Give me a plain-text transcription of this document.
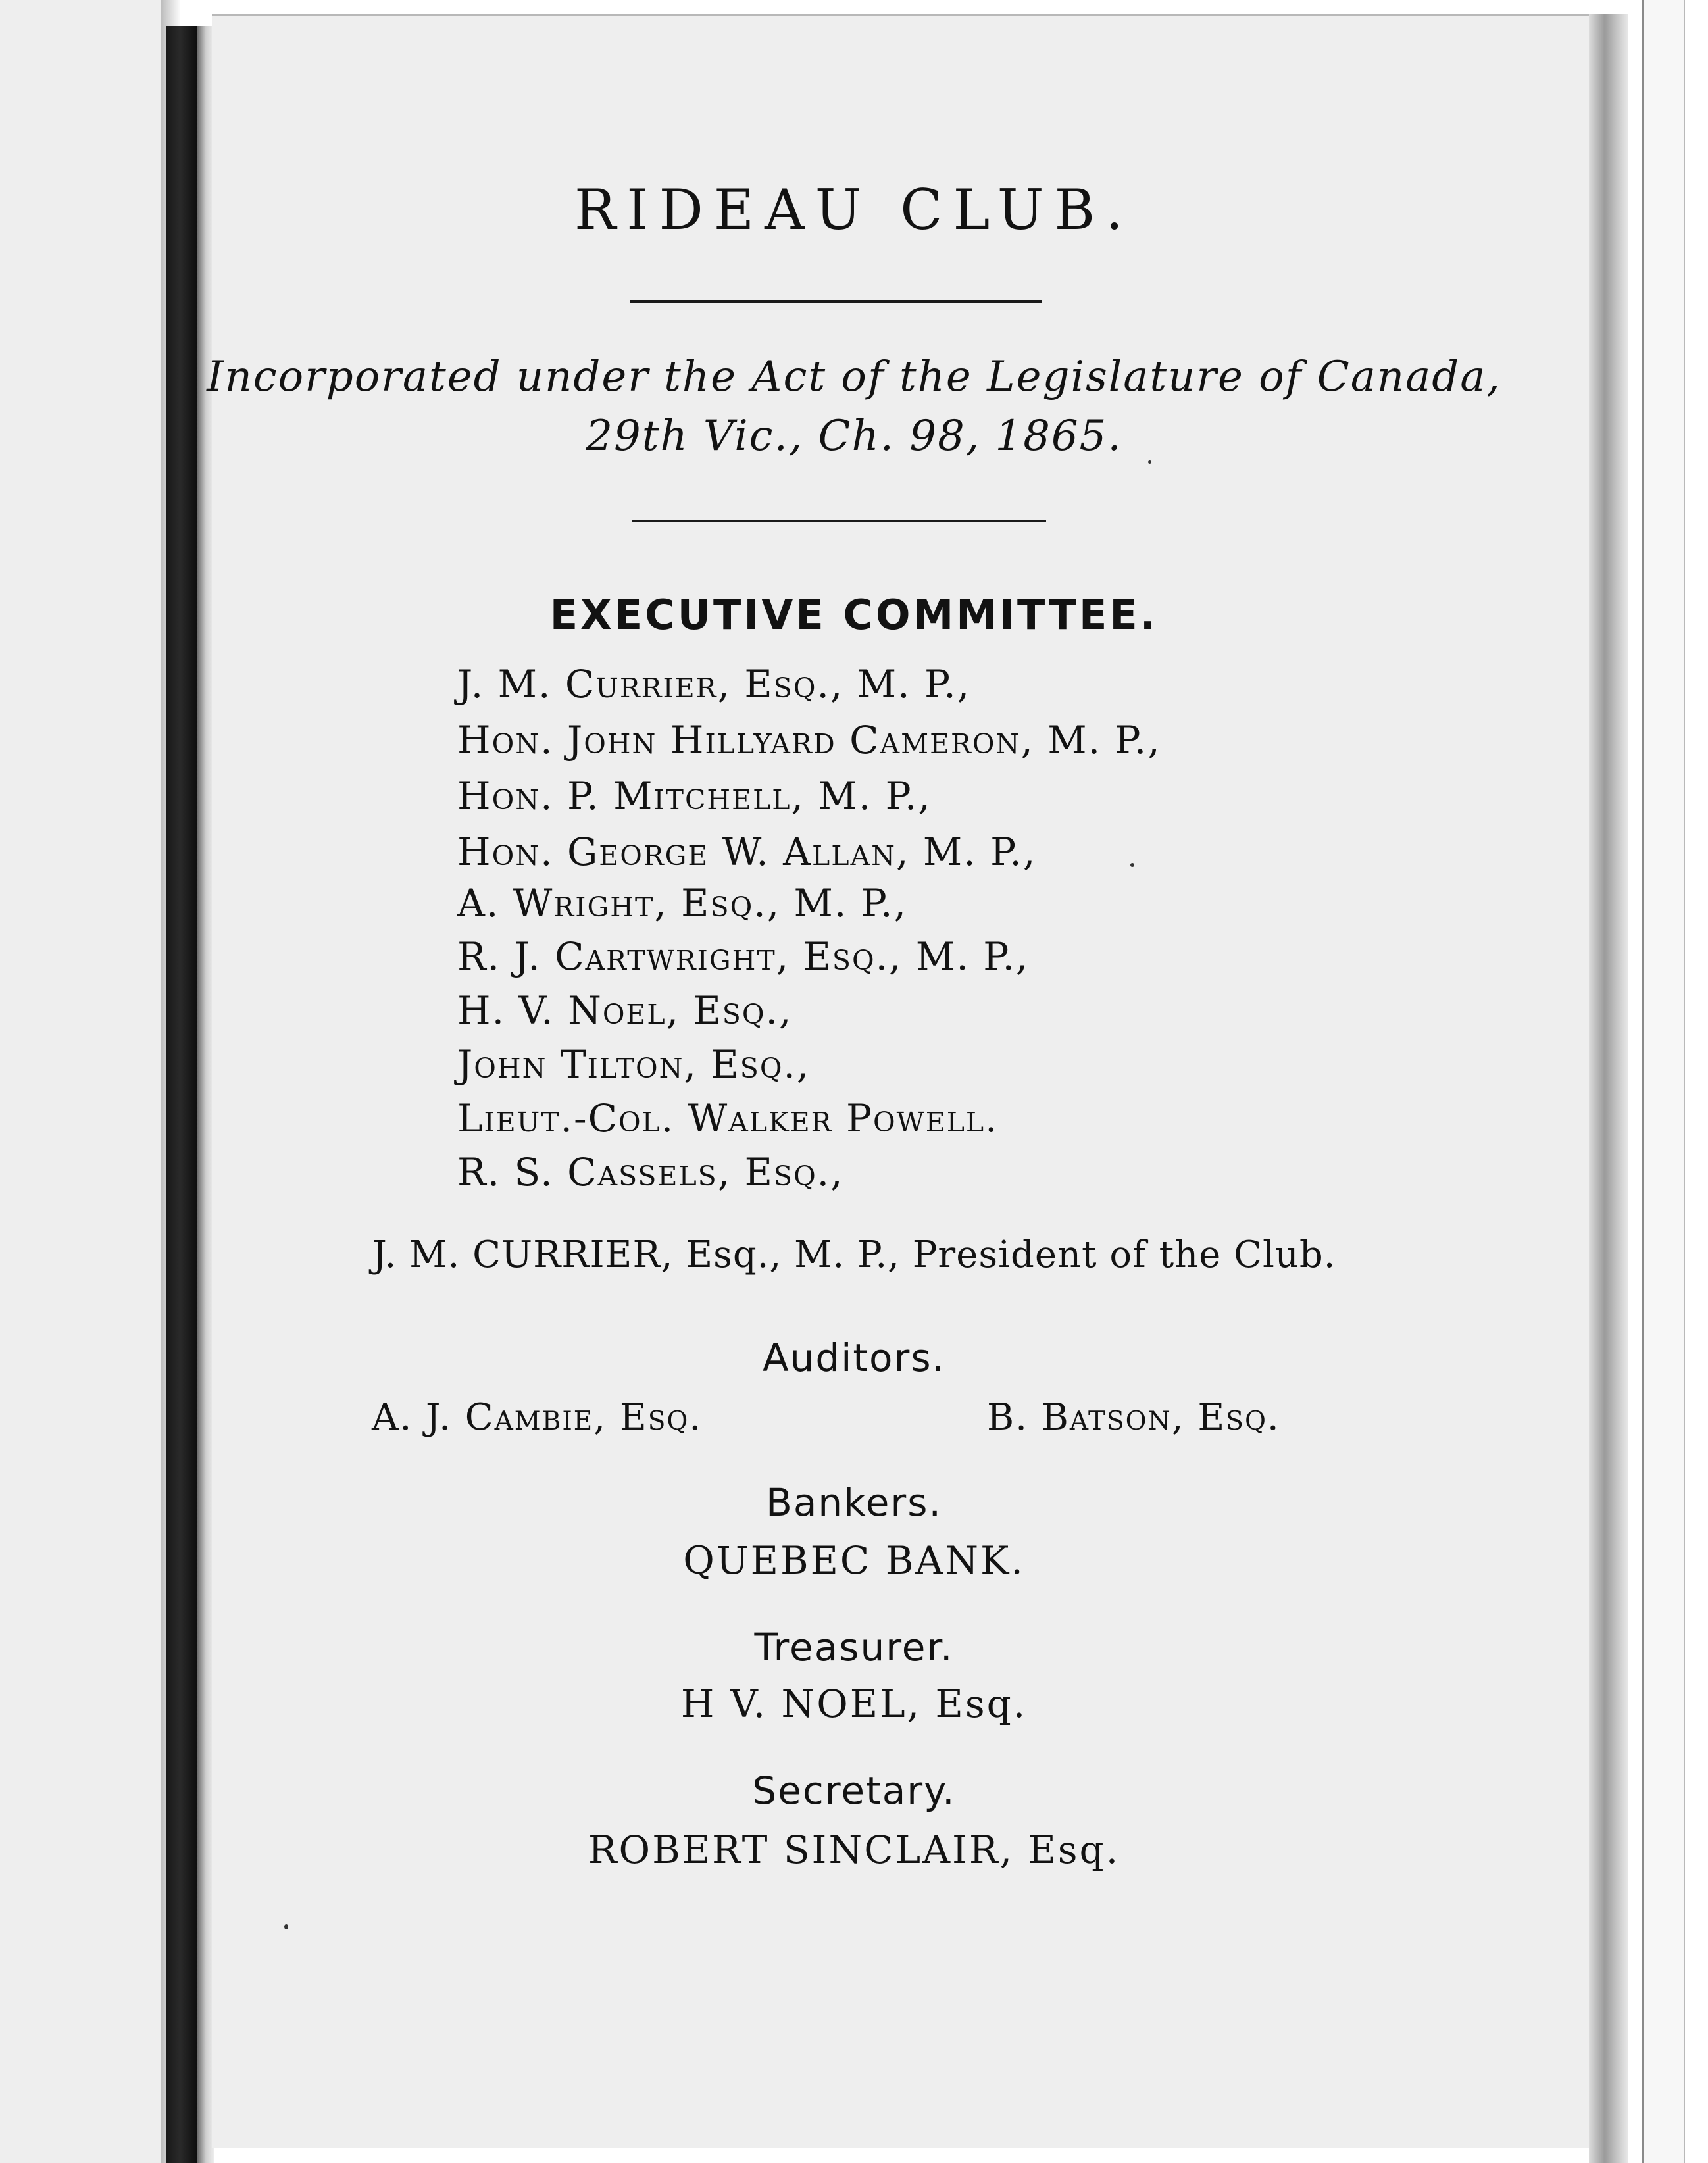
RIDEAU CLUB.
Incorporated under the Act of the Legislature of Canada,
29th Vic., Ch. 98, 1865.
EXECUTIVE COMMITTEE.
J. M. Currier, Esq., M. P.,
Hon. John Hillyard Cameron, M. P.,
Hon. P. Mitchell, M. P.,
Hon. George W. Allan, M. P.,
A. Wright, Esq., M. P.,
R. J. Cartwright, Esq., M. P.,
H. V. Noel, Esq.,
John Tilton, Esq.,
Lieut.-Col. Walker Powell.
R. S. Cassels, Esq.,
J. M. CURRIER, Esq., M. P., President of the Club.
Auditors.
A. J. Cambie, Esq.	B. Batson, Esq.
Bankers.
QUEBEC BANK.
Treasurer.
H V. NOEL, Esq.
Secretary.
ROBERT SINCLAIR, Esq.
